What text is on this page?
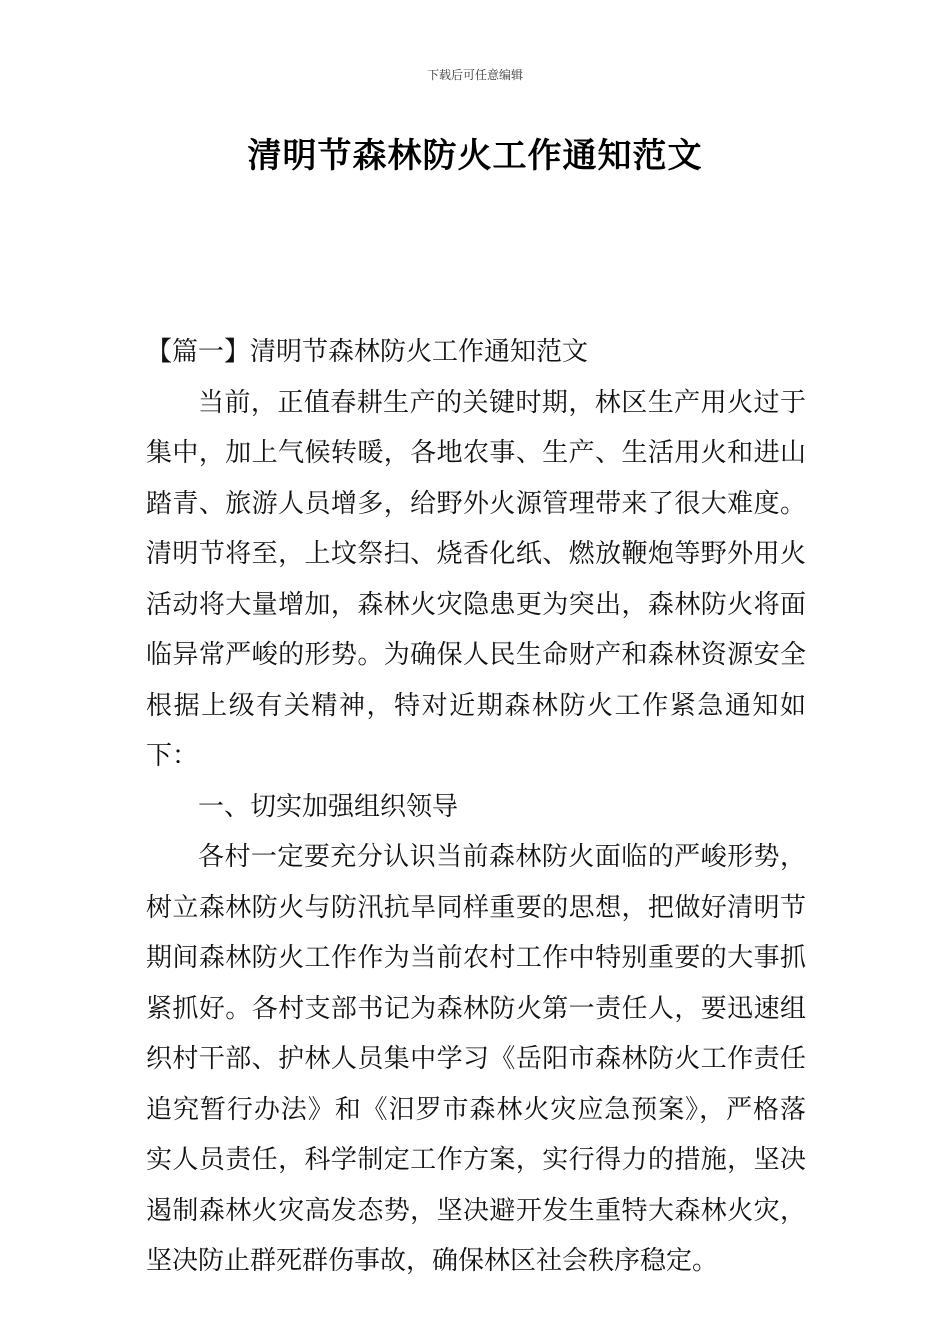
下载后可任意编辑
清明节森林防火工作通知范文

【篇一】清明节森林防火工作通知范文

当前，正值春耕生产的关键时期，林区生产用火过于集中，加上气候转暖，各地农事、生产、生活用火和进山踏青、旅游人员增多，给野外火源管理带来了很大难度。清明节将至，上坟祭扫、烧香化纸、燃放鞭炮等野外用火活动将大量增加，森林火灾隐患更为突出，森林防火将面临异常严峻的形势。为确保人民生命财产和森林资源安全根据上级有关精神，特对近期森林防火工作紧急通知如下：

一、切实加强组织领导

各村一定要充分认识当前森林防火面临的严峻形势，树立森林防火与防汛抗旱同样重要的思想，把做好清明节期间森林防火工作作为当前农村工作中特别重要的大事抓紧抓好。各村支部书记为森林防火第一责任人，要迅速组织村干部、护林人员集中学习《岳阳市森林防火工作责任追究暂行办法》和《汨罗市森林火灾应急预案》，严格落实人员责任，科学制定工作方案，实行得力的措施，坚决遏制森林火灾高发态势，坚决避开发生重特大森林火灾，坚决防止群死群伤事故，确保林区社会秩序稳定。
